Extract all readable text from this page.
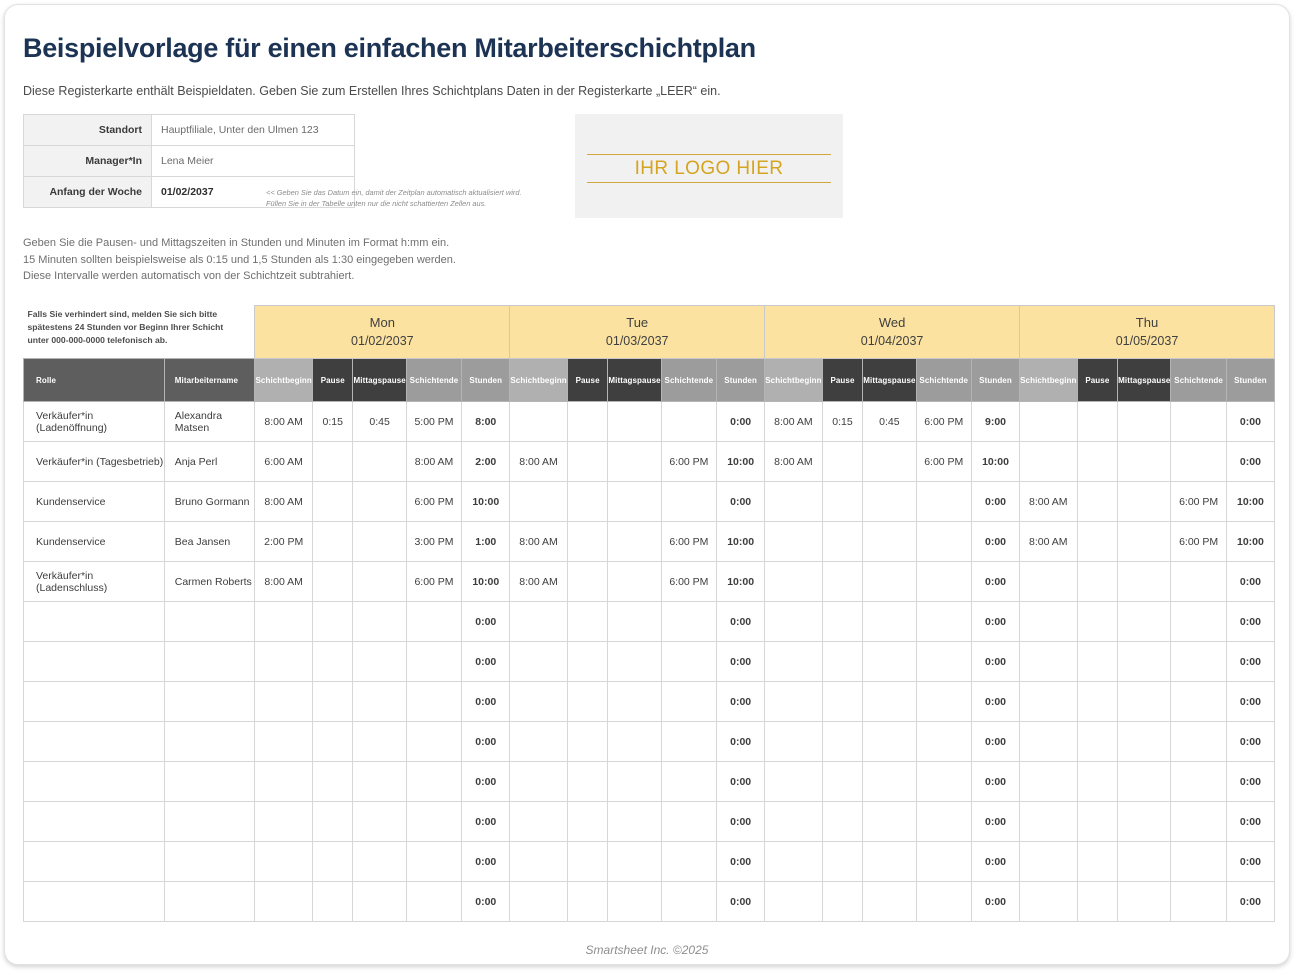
Beispielvorlage für einen einfachen Mitarbeiterschichtplan
Diese Registerkarte enthält Beispieldaten. Geben Sie zum Erstellen Ihres Schichtplans Daten in der Registerkarte „LEER“ ein.
Standort	Hauptfiliale, Unter den Ulmen 123
Manager*In	Lena Meier
Anfang der Woche	01/02/2037	<< Geben Sie das Datum ein, damit der Zeitplan automatisch aktualisiert wird.
Füllen Sie in der Tabelle unten nur die nicht schattierten Zellen aus.
IHR LOGO HIER
Geben Sie die Pausen- und Mittagszeiten in Stunden und Minuten im Format h:mm ein.
15 Minuten sollten beispielsweise als 0:15 und 1,5 Stunden als 1:30 eingegeben werden.
Diese Intervalle werden automatisch von der Schichtzeit subtrahiert.
Falls Sie verhindert sind, melden Sie sich bitte
spätestens 24 Stunden vor Beginn Ihrer Schicht
unter 000-000-0000 telefonisch ab.

Mon
01/02/2037

Tue
01/03/2037

Wed
01/04/2037

Thu
01/05/2037

Rolle	Mitarbeitername	Schichtbeginn	Pause	Mittagspause	Schichtende	Stunden	Schichtbeginn	Pause	Mittagspause	Schichtende	Stunden	Schichtbeginn	Pause	Mittagspause	Schichtende	Stunden	Schichtbeginn	Pause	Mittagspause	Schichtende	Stunden
Verkäufer*in (Ladenöffnung)	Alexandra Matsen	8:00 AM	0:15	0:45	5:00 PM	8:00					0:00	8:00 AM	0:15	0:45	6:00 PM	9:00					0:00
Verkäufer*in (Tagesbetrieb)	Anja Perl	6:00 AM			8:00 AM	2:00	8:00 AM			6:00 PM	10:00	8:00 AM			6:00 PM	10:00					0:00
Kundenservice	Bruno Gormann	8:00 AM			6:00 PM	10:00					0:00					0:00	8:00 AM			6:00 PM	10:00
Kundenservice	Bea Jansen	2:00 PM			3:00 PM	1:00	8:00 AM			6:00 PM	10:00					0:00	8:00 AM			6:00 PM	10:00
Verkäufer*in (Ladenschluss)	Carmen Roberts	8:00 AM			6:00 PM	10:00	8:00 AM			6:00 PM	10:00					0:00					0:00
						0:00					0:00					0:00					0:00
						0:00					0:00					0:00					0:00
						0:00					0:00					0:00					0:00
						0:00					0:00					0:00					0:00
						0:00					0:00					0:00					0:00
						0:00					0:00					0:00					0:00
						0:00					0:00					0:00					0:00
						0:00					0:00					0:00					0:00
Smartsheet Inc. ©2025
